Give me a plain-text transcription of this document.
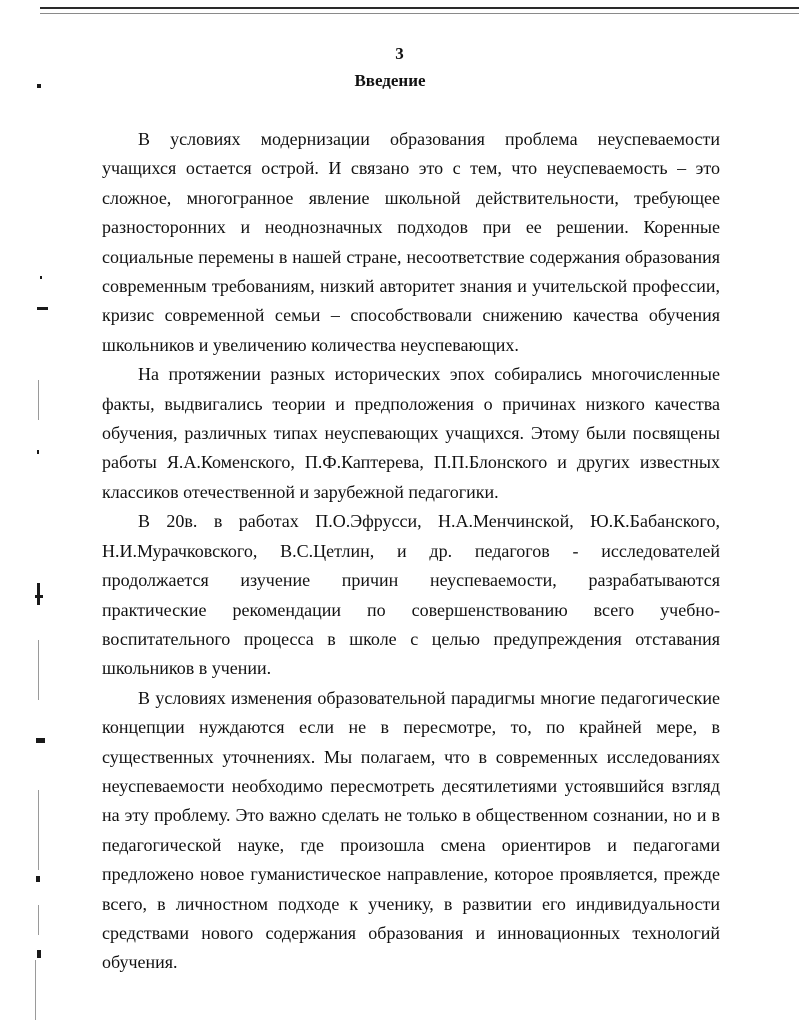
3
Введение

В условиях модернизации образования проблема неуспеваемости учащихся остается острой. И связано это с тем, что неуспеваемость – это сложное, многогранное явление школьной действительности, требующее разносторонних и неоднозначных подходов при ее решении. Коренные социальные перемены в нашей стране, несоответствие содержания образования современным требованиям, низкий авторитет знания и учительской профессии, кризис современной семьи – способствовали снижению качества обучения школьников и увеличению количества неуспевающих.

На протяжении разных исторических эпох собирались многочисленные факты, выдвигались теории и предположения о причинах низкого качества обучения, различных типах неуспевающих учащихся. Этому были посвящены работы Я.А.Коменского, П.Ф.Каптерева, П.П.Блонского и других известных классиков отечественной и зарубежной педагогики.

В 20в. в работах П.О.Эфрусси, Н.А.Менчинской, Ю.К.Бабанского, Н.И.Мурачковского, В.С.Цетлин, и др. педагогов - исследователей продолжается изучение причин неуспеваемости, разрабатываются практические рекомендации по совершенствованию всего учебно-воспитательного процесса в школе с целью предупреждения отставания школьников в учении.

В условиях изменения образовательной парадигмы многие педагогические концепции нуждаются если не в пересмотре, то, по крайней мере, в существенных уточнениях. Мы полагаем, что в современных исследованиях неуспеваемости необходимо пересмотреть десятилетиями устоявшийся взгляд на эту проблему. Это важно сделать не только в общественном сознании, но и в педагогической науке, где произошла смена ориентиров и педагогами предложено новое гуманистическое направление, которое проявляется, прежде всего, в личностном подходе к ученику, в развитии его индивидуальности средствами нового содержания образования и инновационных технологий обучения.
